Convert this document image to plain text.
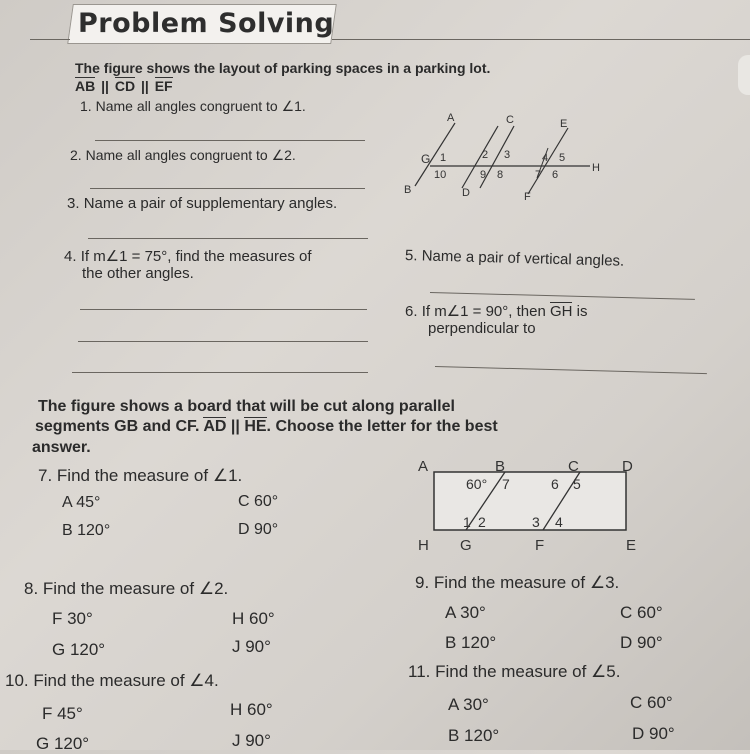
Problem Solving
The figure shows the layout of parking spaces in a parking lot.
AB || CD || EF
1. Name all angles congruent to ∠1.
2. Name all angles congruent to ∠2.
3. Name a pair of supplementary angles.
A	C	E
B	D	F
G
H
1	2 3	4 5
10	9 8	7 6
4. If m∠1 = 75°, find the measures of
the other angles.
5. Name a pair of vertical angles.
6. If m∠1 = 90°, then GH is
perpendicular to
The figure shows a board that will be cut along parallel
segments GB and CF. AD || HE. Choose the letter for the best
answer.
A	B	C	D
H G	F	E
60° 7	6 5
1 2	3 4
7. Find the measure of ∠1.
A 45°	C 60°
B 120°	D 90°
8. Find the measure of ∠2.
F 30°	H 60°
G 120°	J 90°
9. Find the measure of ∠3.
A 30°	C 60°
B 120°	D 90°
10. Find the measure of ∠4.
F 45°	H 60°
G 120°	J 90°
11. Find the measure of ∠5.
A 30°	C 60°
B 120°	D 90°
